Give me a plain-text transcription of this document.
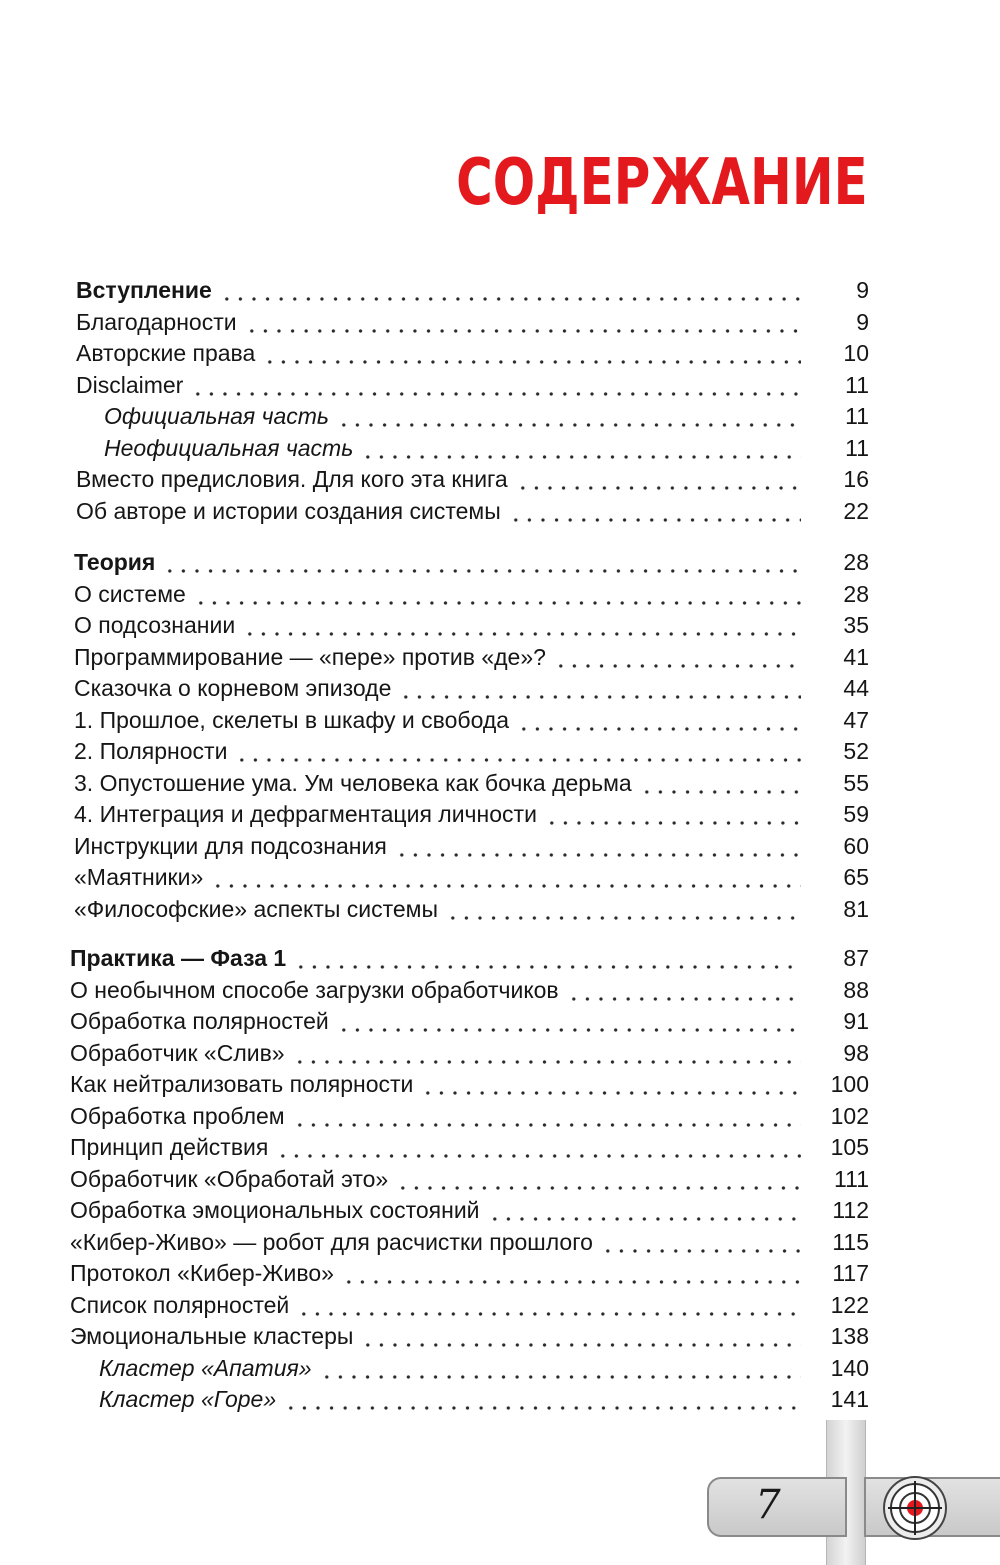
СОДЕРЖАНИЕ
Вступление	9
Благодарности	9
Авторские права	10
Disclaimer	11
Официальная часть	11
Неофициальная часть	11
Вместо предисловия. Для кого эта книга	16
Об авторе и истории создания системы	22
Теория	28
О системе	28
О подсознании	35
Программирование — «пере» против «де»?	41
Сказочка о корневом эпизоде	44
1. Прошлое, скелеты в шкафу и свобода	47
2. Полярности	52
3. Опустошение ума. Ум человека как бочка дерьма	55
4. Интеграция и дефрагментация личности	59
Инструкции для подсознания	60
«Маятники»	65
«Философские» аспекты системы	81
Практика — Фаза 1	87
О необычном способе загрузки обработчиков	88
Обработка полярностей	91
Обработчик «Слив»	98
Как нейтрализовать полярности	100
Обработка проблем	102
Принцип действия	105
Обработчик «Обработай это»	111
Обработка эмоциональных состояний	112
«Кибер-Живо» — робот для расчистки прошлого	115
Протокол «Кибер-Живо»	117
Список полярностей	122
Эмоциональные кластеры	138
Кластер «Апатия»	140
Кластер «Горе»	141
7
